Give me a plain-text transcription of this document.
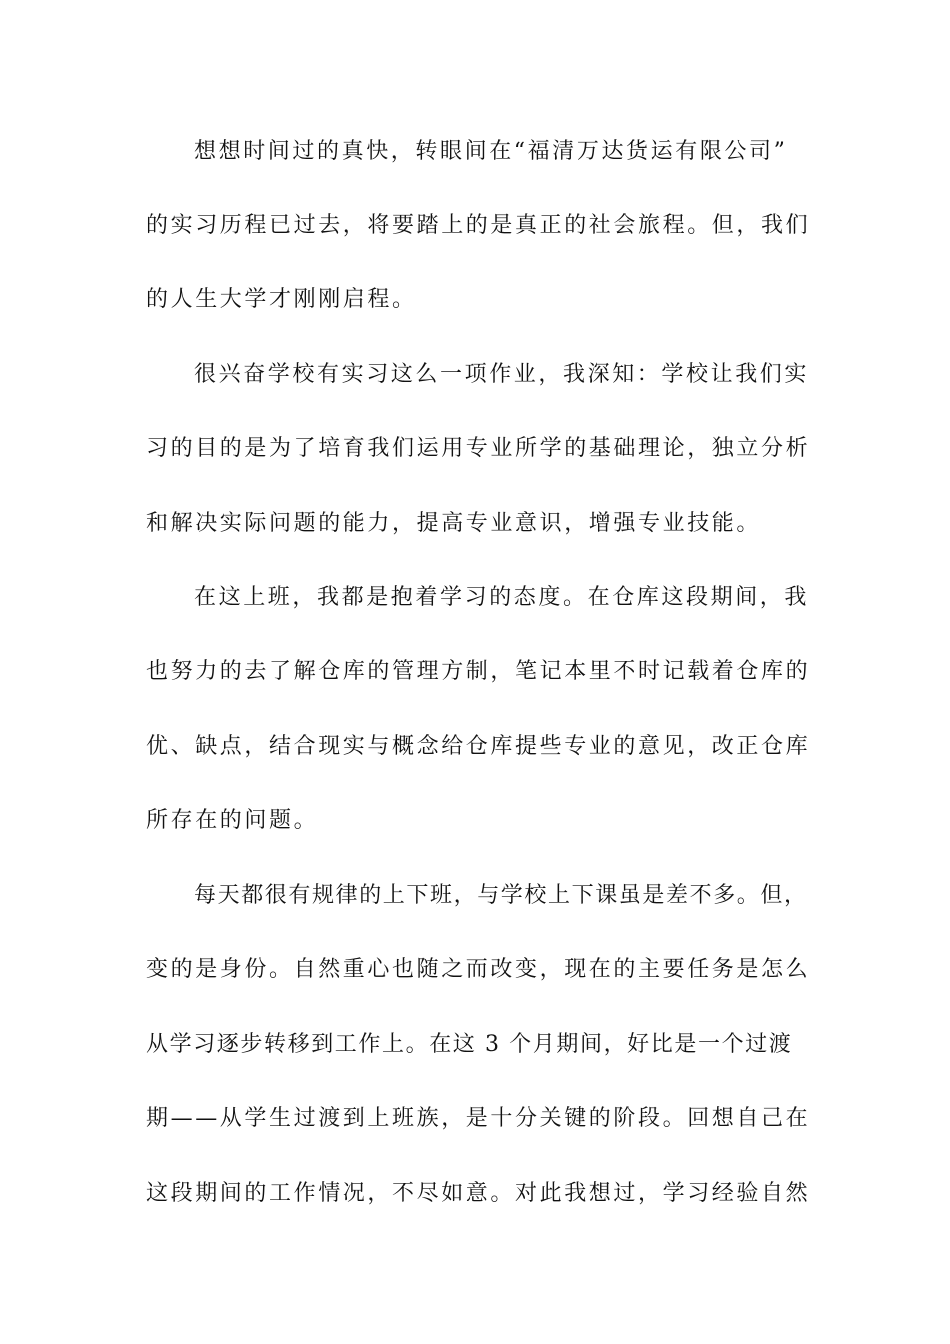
想想时间过的真快，转眼间在“福清万达货运有限公司”
的实习历程已过去，将要踏上的是真正的社会旅程。但，我们
的人生大学才刚刚启程。
很兴奋学校有实习这么一项作业，我深知：学校让我们实
习的目的是为了培育我们运用专业所学的基础理论，独立分析
和解决实际问题的能力，提高专业意识，增强专业技能。
在这上班，我都是抱着学习的态度。在仓库这段期间，我
也努力的去了解仓库的管理方制，笔记本里不时记载着仓库的
优、缺点，结合现实与概念给仓库提些专业的意见，改正仓库
所存在的问题。
每天都很有规律的上下班，与学校上下课虽是差不多。但，
变的是身份。自然重心也随之而改变，现在的主要任务是怎么
从学习逐步转移到工作上。在这 3 个月期间，好比是一个过渡
期——从学生过渡到上班族，是十分关键的阶段。回想自己在
这段期间的工作情况，不尽如意。对此我想过，学习经验自然
